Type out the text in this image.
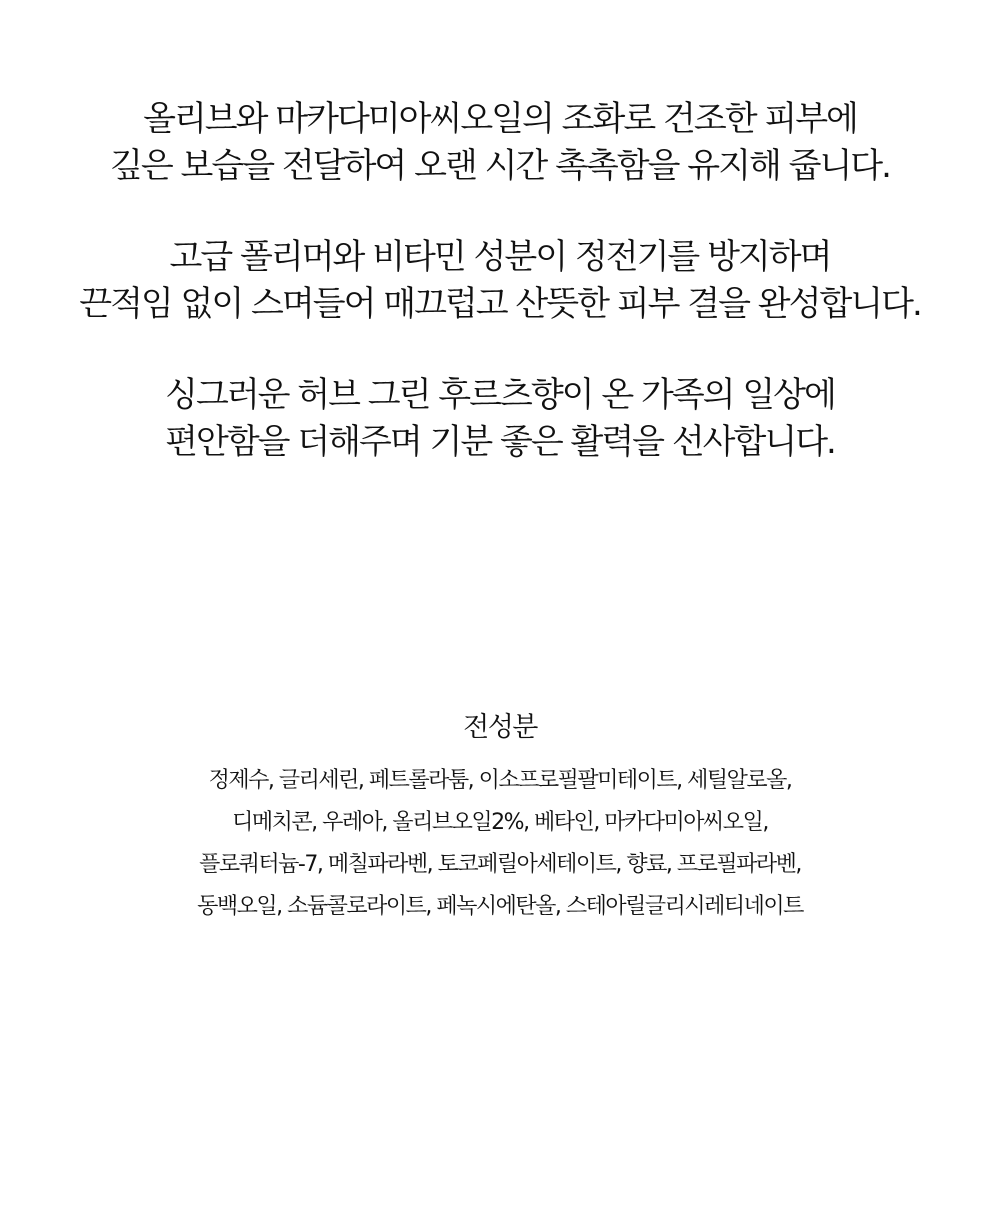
올리브와 마카다미아씨오일의 조화로 건조한 피부에
깊은 보습을 전달하여 오랜 시간 촉촉함을 유지해 줍니다.

고급 폴리머와 비타민 성분이 정전기를 방지하며
끈적임 없이 스며들어 매끄럽고 산뜻한 피부 결을 완성합니다.

싱그러운 허브 그린 후르츠향이 온 가족의 일상에
편안함을 더해주며 기분 좋은 활력을 선사합니다.

전성분
정제수, 글리세린, 페트롤라툼, 이소프로필팔미테이트, 세틸알로올,
디메치콘, 우레아, 올리브오일2%, 베타인, 마카다미아씨오일,
플로쿼터늄-7, 메칠파라벤, 토코페릴아세테이트, 향료, 프로필파라벤,
동백오일, 소듐콜로라이트, 페녹시에탄올, 스테아릴글리시레티네이트
